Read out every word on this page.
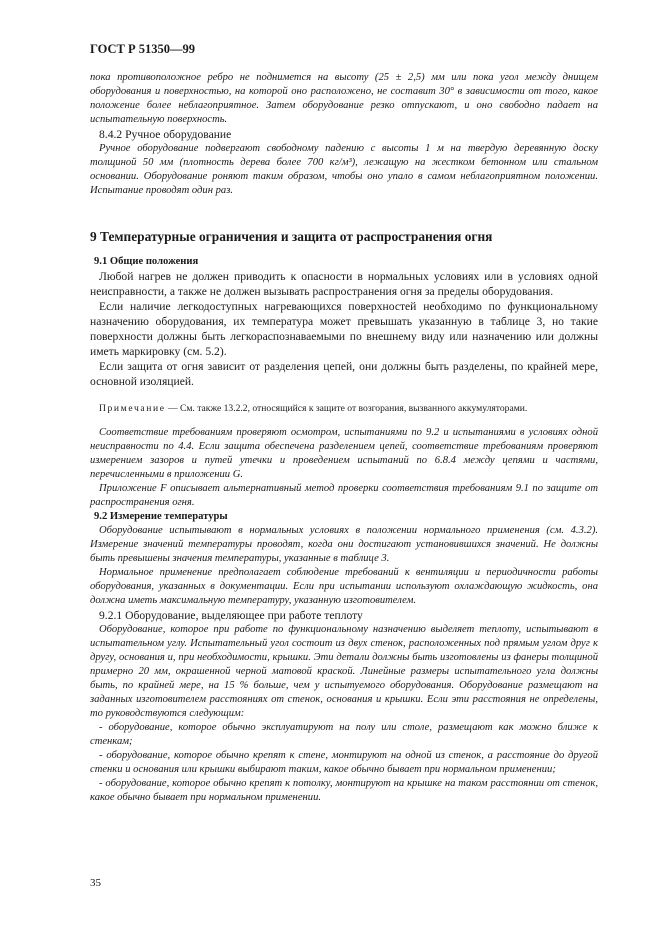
ГОСТ Р 51350—99

пока противоположное ребро не поднимется на высоту (25 ± 2,5) мм или пока угол между днищем оборудования и поверхностью, на которой оно расположено, не составит 30° в зависимости от того, какое положение более неблагоприятное. Затем оборудование резко отпускают, и оно свободно падает на испытательную поверхность.

8.4.2 Ручное оборудование

Ручное оборудование подвергают свободному падению с высоты 1 м на твердую деревянную доску толщиной 50 мм (плотность дерева более 700 кг/м³), лежащую на жестком бетонном или стальном основании. Оборудование роняют таким образом, чтобы оно упало в самом неблагоприятном положении. Испытание проводят один раз.

9 Температурные ограничения и защита от распространения огня
9.1 Общие положения

Любой нагрев не должен приводить к опасности в нормальных условиях или в условиях одной неисправности, а также не должен вызывать распространения огня за пределы оборудования.

Если наличие легкодоступных нагревающихся поверхностей необходимо по функциональному назначению оборудования, их температура может превышать указанную в таблице 3, но такие поверхности должны быть легкораспознаваемыми по внешнему виду или назначению или должны иметь маркировку (см. 5.2).

Если защита от огня зависит от разделения цепей, они должны быть разделены, по крайней мере, основной изоляцией.

Примечание — См. также 13.2.2, относящийся к защите от возгорания, вызванного аккумуляторами.

Соответствие требованиям проверяют осмотром, испытаниями по 9.2 и испытаниями в условиях одной неисправности по 4.4. Если защита обеспечена разделением цепей, соответствие требованиям проверяют измерением зазоров и путей утечки и проведением испытаний по 6.8.4 между цепями и частями, перечисленными в приложении G.

Приложение F описывает альтернативный метод проверки соответствия требованиям 9.1 по защите от распространения огня.

9.2 Измерение температуры

Оборудование испытывают в нормальных условиях в положении нормального применения (см. 4.3.2). Измерение значений температуры проводят, когда они достигают установившихся значений. Не должны быть превышены значения температуры, указанные в таблице 3.

Нормальное применение предполагает соблюдение требований к вентиляции и периодичности работы оборудования, указанных в документации. Если при испытании используют охлаждающую жидкость, она должна иметь максимальную температуру, указанную изготовителем.

9.2.1 Оборудование, выделяющее при работе теплоту

Оборудование, которое при работе по функциональному назначению выделяет теплоту, испытывают в испытательном углу. Испытательный угол состоит из двух стенок, расположенных под прямым углом друг к другу, основания и, при необходимости, крышки. Эти детали должны быть изготовлены из фанеры толщиной примерно 20 мм, окрашенной черной матовой краской. Линейные размеры испытательного угла должны быть, по крайней мере, на 15 % больше, чем у испытуемого оборудования. Оборудование размещают на заданных изготовителем расстояниях от стенок, основания и крышки. Если эти расстояния не определены, то руководствуются следующим:

- оборудование, которое обычно эксплуатируют на полу или столе, размещают как можно ближе к стенкам;

- оборудование, которое обычно крепят к стене, монтируют на одной из стенок, а расстояние до другой стенки и основания или крышки выбирают таким, какое обычно бывает при нормальном применении;

- оборудование, которое обычно крепят к потолку, монтируют на крышке на таком расстоянии от стенок, какое обычно бывает при нормальном применении.

35
